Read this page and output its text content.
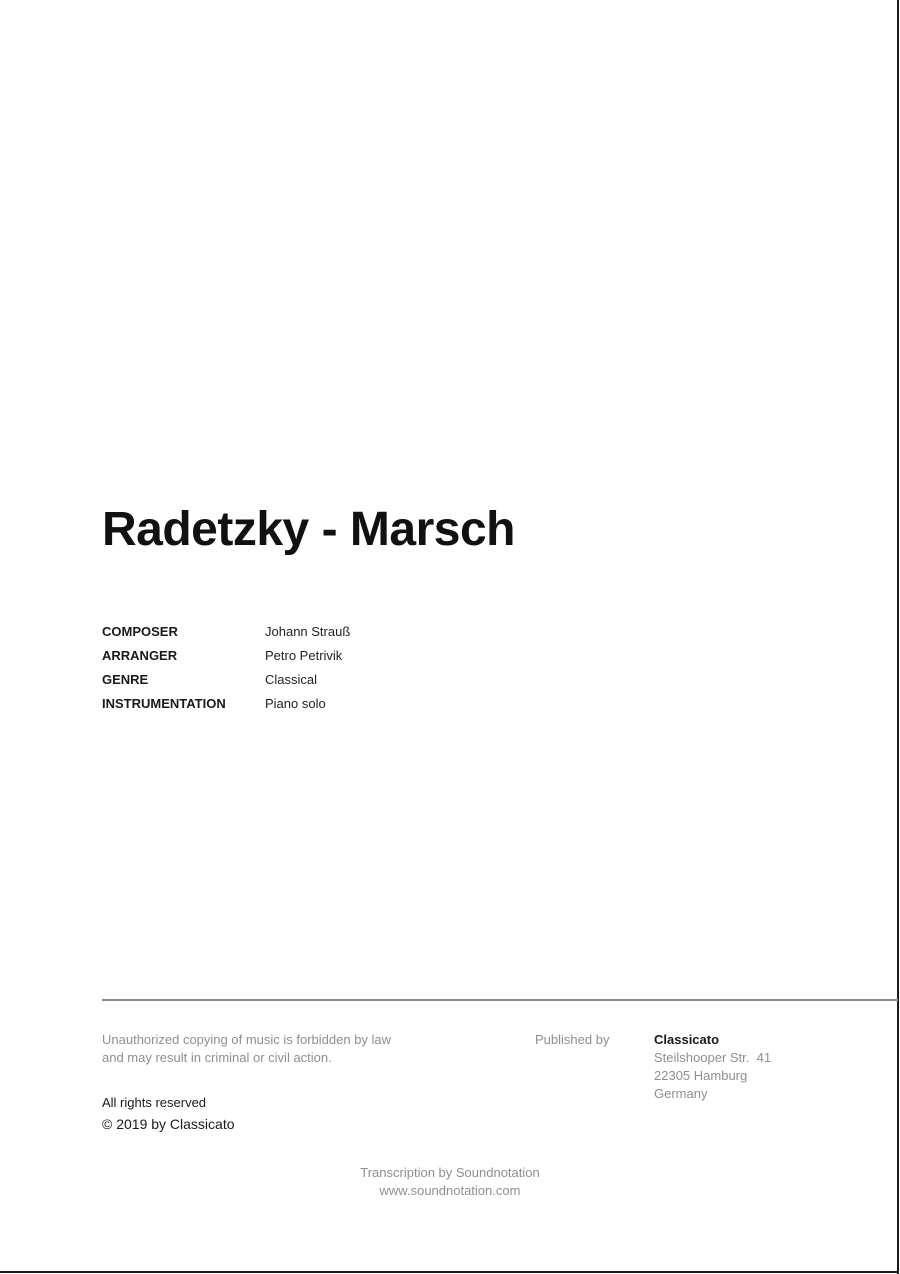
Radetzky - Marsch
COMPOSER	Johann Strauß
ARRANGER	Petro Petrivik
GENRE	Classical
INSTRUMENTATION	Piano solo
Unauthorized copying of music is forbidden by law
and may result in criminal or civil action.
All rights reserved
© 2019 by Classicato
Published by	Classicato
Steilshooper Str.  41
22305 Hamburg
Germany
Transcription by Soundnotation
www.soundnotation.com
